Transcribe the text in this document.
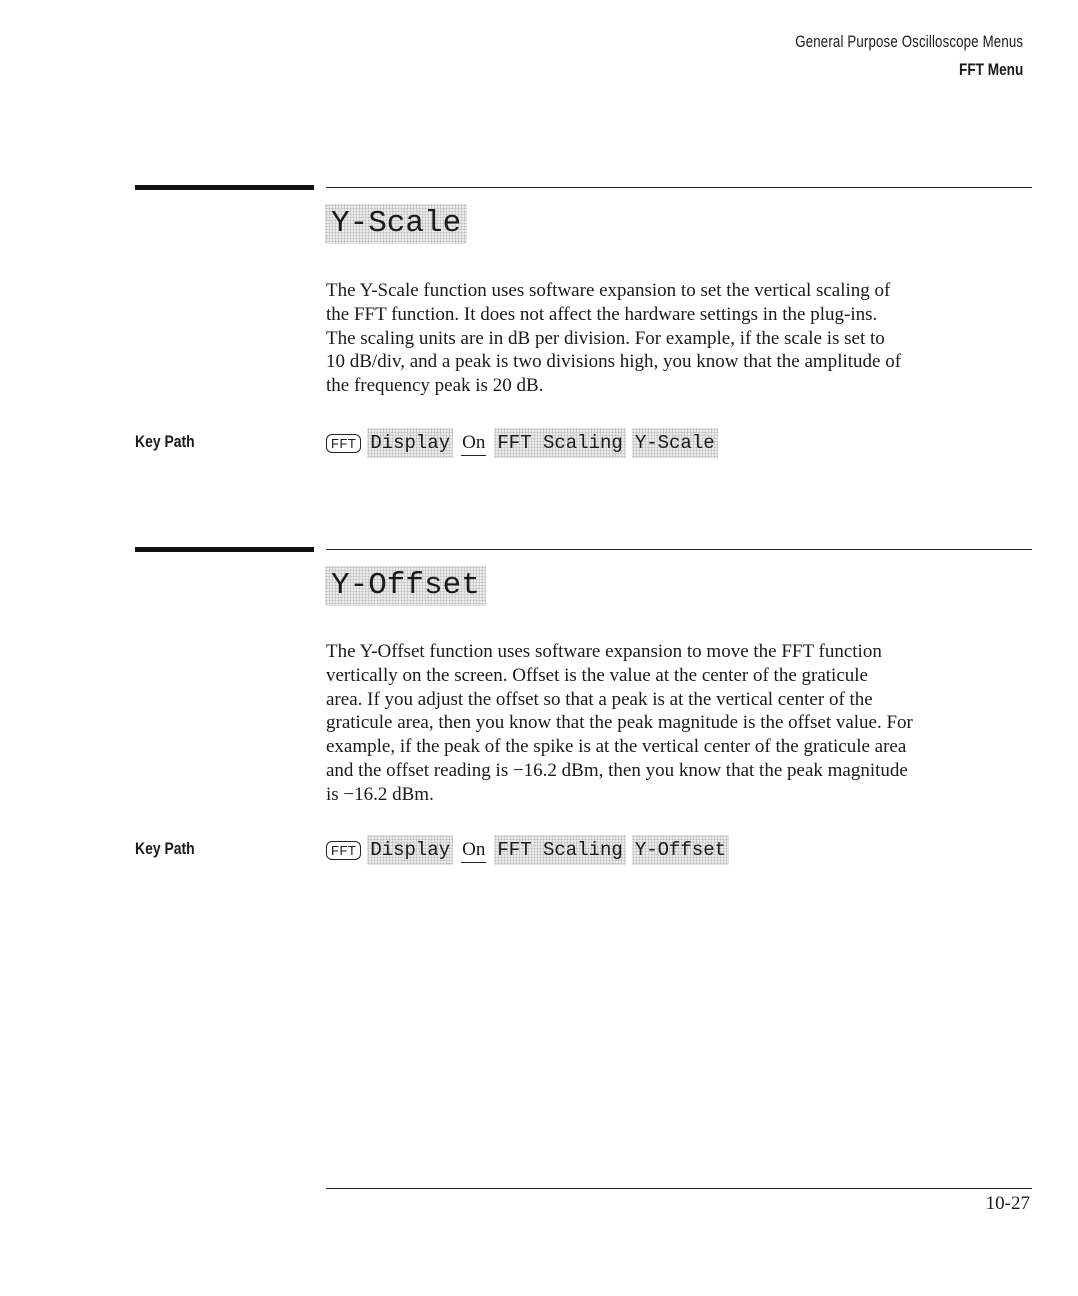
General Purpose Oscilloscope Menus
FFT Menu
Y-Scale
The Y-Scale function uses software expansion to set the vertical scaling of
the FFT function. It does not affect the hardware settings in the plug-ins.
The scaling units are in dB per division. For example, if the scale is set to
10 dB/div, and a peak is two divisions high, you know that the amplitude of
the frequency peak is 20 dB.
Key Path	FFT Display On FFT Scaling Y-Scale
Y-Offset
The Y-Offset function uses software expansion to move the FFT function
vertically on the screen. Offset is the value at the center of the graticule
area. If you adjust the offset so that a peak is at the vertical center of the
graticule area, then you know that the peak magnitude is the offset value. For
example, if the peak of the spike is at the vertical center of the graticule area
and the offset reading is −16.2 dBm, then you know that the peak magnitude
is −16.2 dBm.
Key Path	FFT Display On FFT Scaling Y-Offset
10-27
